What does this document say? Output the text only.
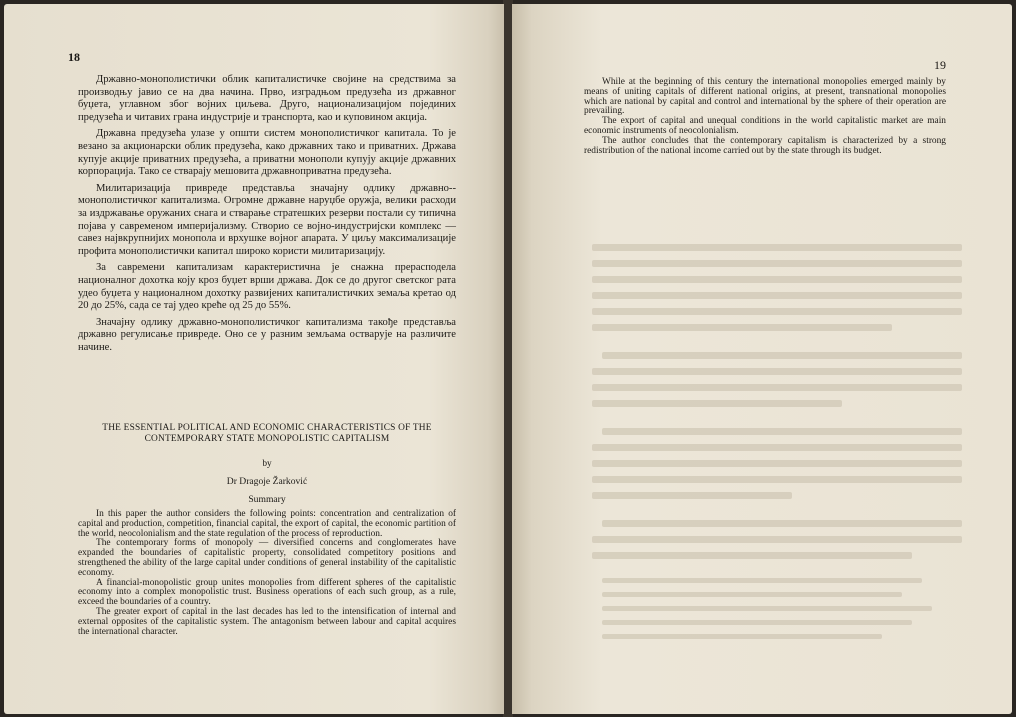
18

Државно-монополистички облик капиталистичке својине на средствима за производњу јавио се на два начина. Прво, изградњом предузећа из државног буџета, углавном због војних циљева. Друго, национализацијом појединих предузећа и читавих грана индустрије и транспорта, као и куповином акција.

Државна предузећа улазе у општи систем монополистичког капитала. То је везано за акционарски облик предузећа, како државних тако и приватних. Држава купује акције приватних предузећа, а приватни монополи купују акције државних корпорација. Тако се стварају мешовита државноприватна предузећа.

Милитаризација привреде представља значајну одлику државно--монополистичког капитализма. Огромне државне наруџбе оружја, велики расходи за издржавање оружаних снага и стварање стратешких резерви постали су типична појава у савременом империјализму. Створио се војно-индустријски комплекс — савез највкрупнијих монопола и врхушке војног апарата. У циљу максимализације профита монополистички капитал широко користи милитаризацију.

За савремени капитализам карактеристична је снажна прерасподела националног дохотка коју кроз буџет врши држава. Док се до другог светског рата удео буџета у националном дохотку развијених капиталистичких земаља кретао од 20 до 25%, сада се тај удео креће од 25 до 55%.

Значајну одлику државно-монополистичког капитализма такође представља државно регулисање привреде. Оно се у разним земљама остварује на различите начине.

THE ESSENTIAL POLITICAL AND ECONOMIC CHARACTERISTICS OF THE CONTEMPORARY STATE MONOPOLISTIC CAPITALISM

by
Dr Dragoje Žarković
Summary

In this paper the author considers the following points: concentration and centralization of capital and production, competition, financial capital, the export of capital, the economic partition of the world, neocolonialism and the state regulation of the process of reproduction.

The contemporary forms of monopoly — diversified concerns and conglomerates have expanded the boundaries of capitalistic property, consolidated competitory positions and strengthened the ability of the large capital under conditions of general instability of the capitalistic economy.

A financial-monopolistic group unites monopolies from different spheres of the capitalistic economy into a complex monopolistic trust. Business operations of each such group, as a rule, exceed the boundaries of a country.

The greater export of capital in the last decades has led to the intensification of internal and external opposites of the capitalistic system. The antagonism between labour and capital acquires the international character.

19

While at the beginning of this century the international monopolies emerged mainly by means of uniting capitals of different national origins, at present, transnational monopolies which are national by capital and control and international by the sphere of their operation are prevailing.

The export of capital and unequal conditions in the world capitalistic market are main economic instruments of neocolonialism.

The author concludes that the contemporary capitalism is characterized by a strong redistribution of the national income carried out by the state through its budget.
